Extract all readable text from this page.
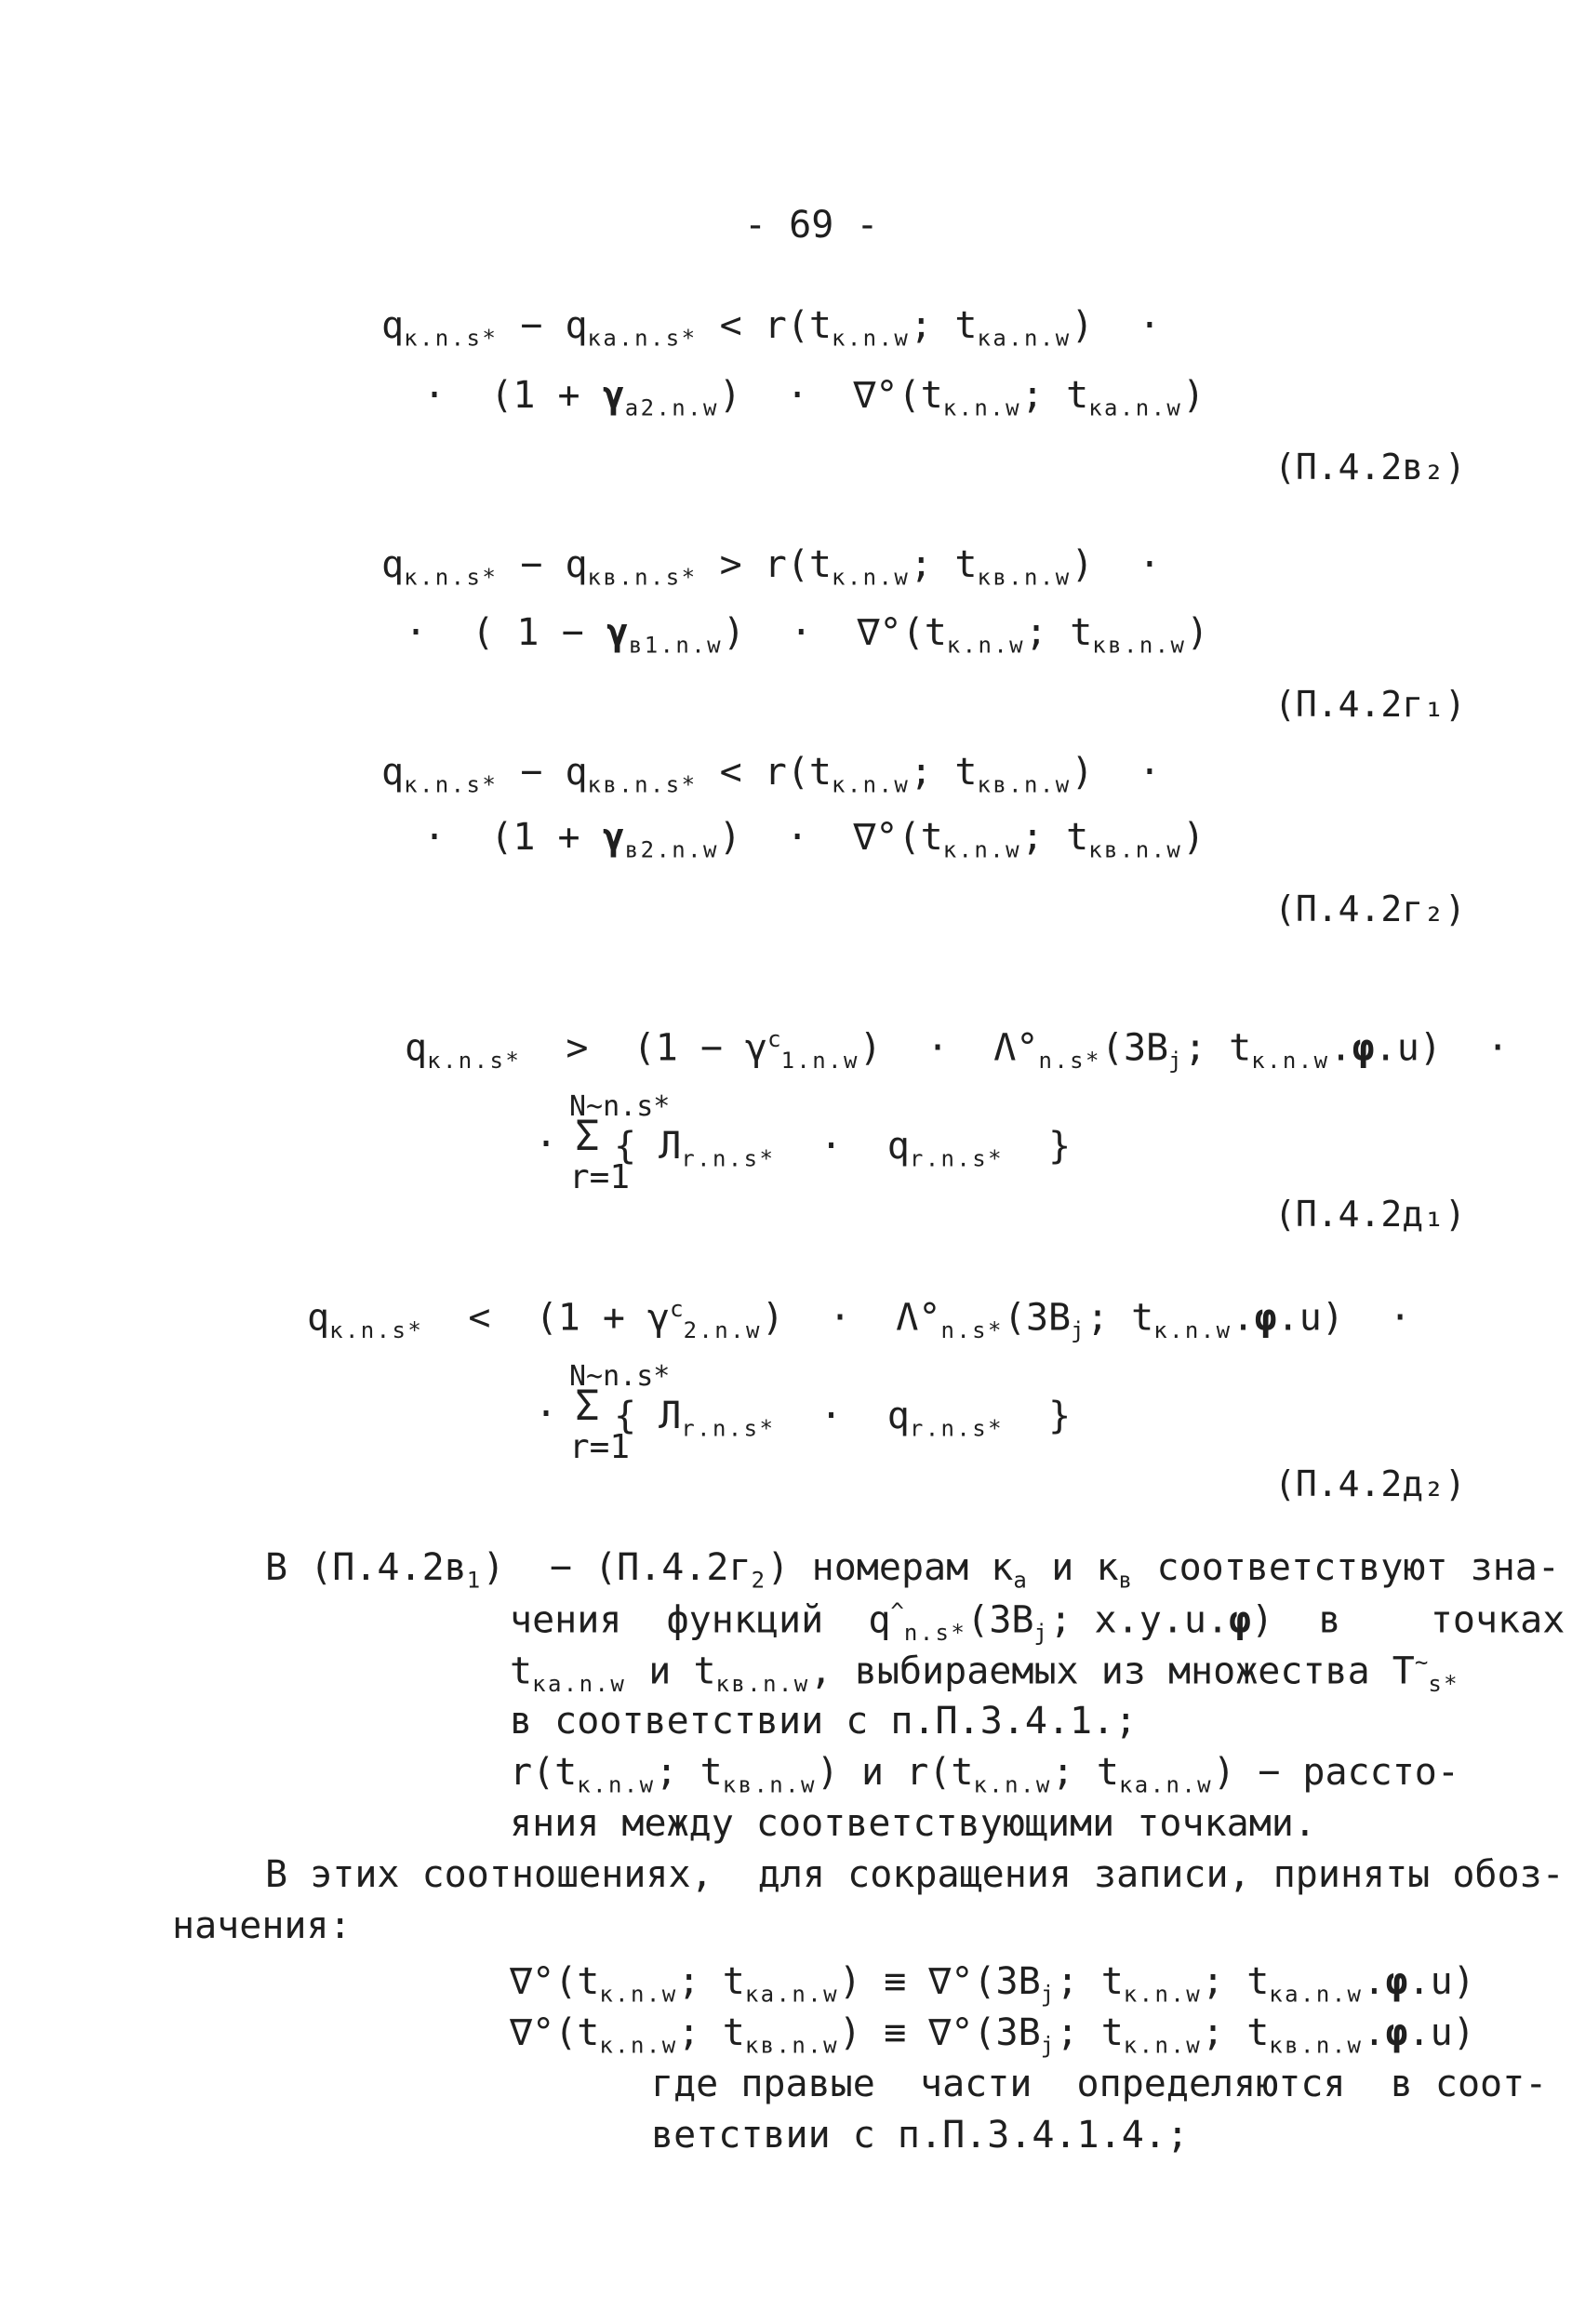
- 69 -
$q_{к.n.s*} - q_{кa.n.s*} < r(t_{к.n.w}$; $t_{кa.n.w}$)  ·
·  $(1 + \gamma_{a2.n.w}) \cdot \nabla^\circ(t_{к.n.w}$; $t_{кa.n.w}$)
(П.4.2в₂)
$q_{к.n.s*} - q_{кв.n.s*} > r(t_{к.n.w}$; $t_{кв.n.w}$)  ·
·  ( $1 - \gamma_{в1.n.w}) \cdot \nabla^\circ(t_{к.n.w}$; $t_{кв.n.w}$)
(П.4.2г₁)
$q_{к.n.s*} - q_{кв.n.s*} < r(t_{к.n.w}$; $t_{кв.n.w}$)  ·
·  $(1 + \gamma_{в2.n.w}) \cdot \nabla^\circ(t_{к.n.w}$; $t_{кв.n.w}$)
(П.4.2г₂)
$q_{к.n.s*} > (1 - \gamma^c_{1.n.w}) \cdot \Lambda^\circ_{n.s*}(ЗВ_j$; $t_{к.n.w}.\varphi.u$)  ·
N~n.s*
· Σ { $Л_{r.n.s*} \cdot q_{r.n.s*}$  }
r=1
(П.4.2д₁)
$q_{к.n.s*} < (1 + \gamma^c_{2.n.w}) \cdot \Lambda^\circ_{n.s*}(ЗВ_j$; $t_{к.n.w}.\varphi.u$)  ·
N~n.s*
· Σ { $Л_{r.n.s*} \cdot q_{r.n.s*}$  }
r=1
(П.4.2д₂)
В $(П.4.2в_1) - (П.4.2г_2)$ номерам $к_a$ и $к_в$ соответствуют зна-
чения  функций  $q^{\^{}}_{n.s*}(ЗВ_j$; x.y.u.φ)  в    точках
$t_{кa.n.w}$ и $t_{кв.n.w}$, выбираемых из множества $Т^\sim_{s*}$
в соответствии с п.П.3.4.1.;
$r(t_{к.n.w}$; $t_{кв.n.w}$) и $r(t_{к.n.w}$; $t_{кa.n.w}$) − рассто-
яния между соответствующими точками.
В этих соотношениях,  для сокращения записи, приняты обоз-
начения:
$\nabla^\circ(t_{к.n.w}$; $t_{кa.n.w}) \equiv \nabla^\circ(ЗВ_j$; $t_{к.n.w}$; $t_{кa.n.w}.\varphi.u$)
$\nabla^\circ(t_{к.n.w}$; $t_{кв.n.w}) \equiv \nabla^\circ(ЗВ_j$; $t_{к.n.w}$; $t_{кв.n.w}.\varphi.u$)
где правые  части  определяются  в соот-
ветствии с п.П.3.4.1.4.;
